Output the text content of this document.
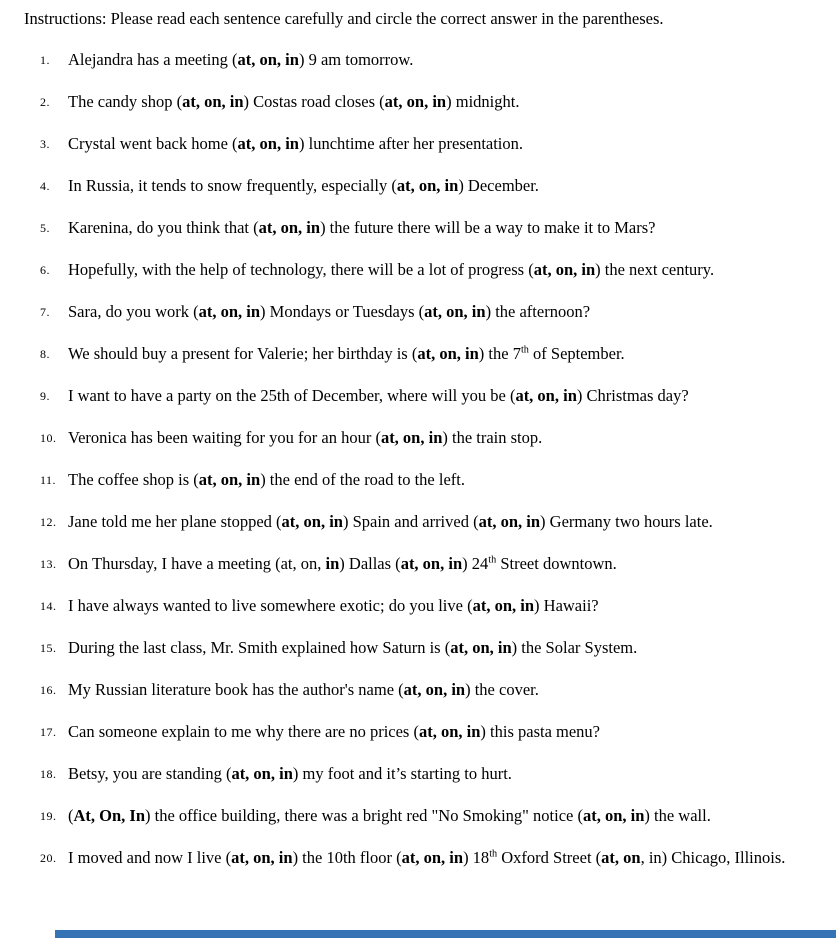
Instructions: Please read each sentence carefully and circle the correct answer in the parentheses.

1.	Alejandra has a meeting (at, on, in) 9 am tomorrow.
2.	The candy shop (at, on, in) Costas road closes (at, on, in) midnight.
3.	Crystal went back home (at, on, in) lunchtime after her presentation.
4.	In Russia, it tends to snow frequently, especially (at, on, in) December.
5.	Karenina, do you think that (at, on, in) the future there will be a way to make it to Mars?
6.	Hopefully, with the help of technology, there will be a lot of progress (at, on, in) the next century.
7.	Sara, do you work (at, on, in) Mondays or Tuesdays (at, on, in) the afternoon?
8.	We should buy a present for Valerie; her birthday is (at, on, in) the 7th of September.
9.	I want to have a party on the 25th of December, where will you be (at, on, in) Christmas day?
10. Veronica has been waiting for you for an hour (at, on, in) the train stop.
11. The coffee shop is (at, on, in) the end of the road to the left.
12. Jane told me her plane stopped (at, on, in) Spain and arrived (at, on, in) Germany two hours late.
13. On Thursday, I have a meeting (at, on, in) Dallas (at, on, in) 24th Street downtown.
14. I have always wanted to live somewhere exotic; do you live (at, on, in) Hawaii?
15. During the last class, Mr. Smith explained how Saturn is (at, on, in) the Solar System.
16. My Russian literature book has the author's name (at, on, in) the cover.
17. Can someone explain to me why there are no prices (at, on, in) this pasta menu?
18. Betsy, you are standing (at, on, in) my foot and it’s starting to hurt.
19. (At, On, In) the office building, there was a bright red "No Smoking" notice (at, on, in) the wall.
20. I moved and now I live (at, on, in) the 10th floor (at, on, in) 18th Oxford Street (at, on, in) Chicago, Illinois.
